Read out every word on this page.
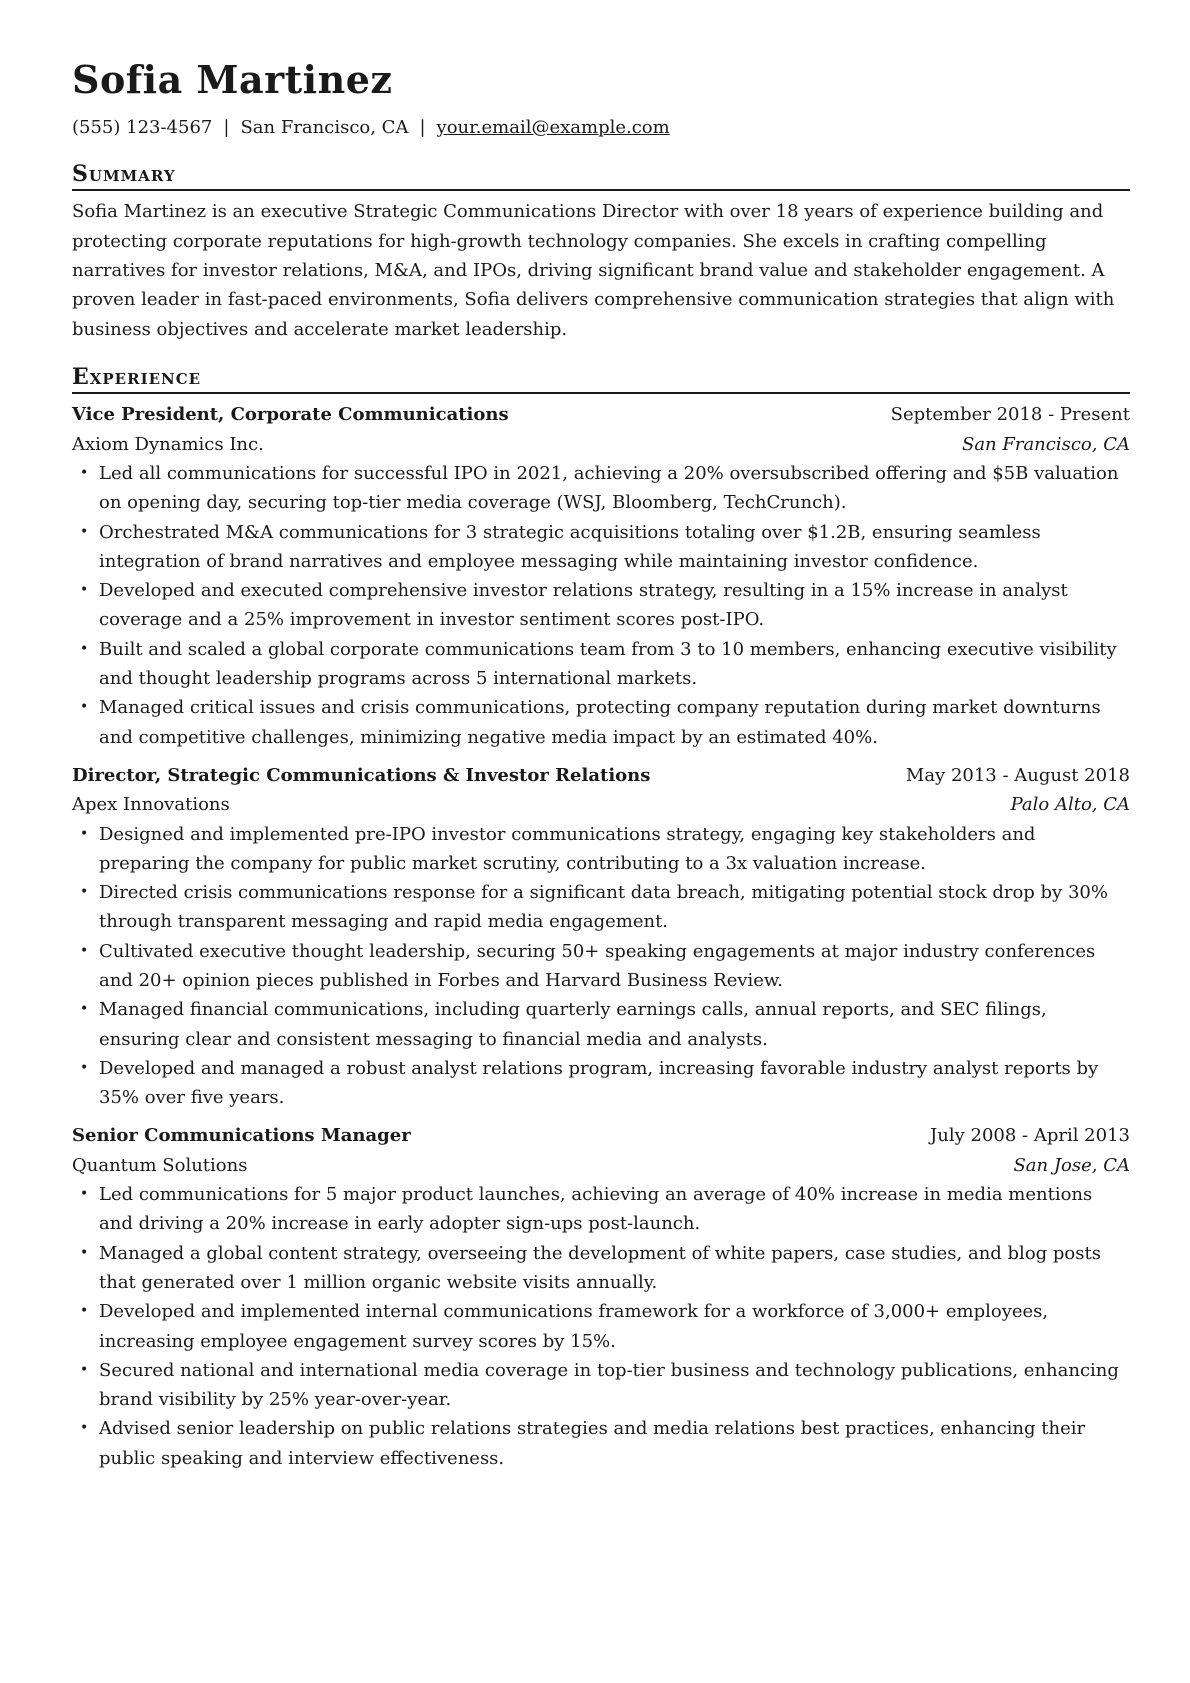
Sofia Martinez
(555) 123-4567 | San Francisco, CA | your.email@example.com
Summary

Sofia Martinez is an executive Strategic Communications Director with over 18 years of experience building and protecting corporate reputations for high-growth technology companies. She excels in crafting compelling narratives for investor relations, M&A, and IPOs, driving significant brand value and stakeholder engagement. A proven leader in fast-paced environments, Sofia delivers comprehensive communication strategies that align with business objectives and accelerate market leadership.

Experience
Vice President, Corporate Communications	September 2018 - Present
Axiom Dynamics Inc.	San Francisco, CA
• Led all communications for successful IPO in 2021, achieving a 20% oversubscribed offering and $5B valuation on opening day, securing top-tier media coverage (WSJ, Bloomberg, TechCrunch).
• Orchestrated M&A communications for 3 strategic acquisitions totaling over $1.2B, ensuring seamless integration of brand narratives and employee messaging while maintaining investor confidence.
• Developed and executed comprehensive investor relations strategy, resulting in a 15% increase in analyst coverage and a 25% improvement in investor sentiment scores post-IPO.
• Built and scaled a global corporate communications team from 3 to 10 members, enhancing executive visibility and thought leadership programs across 5 international markets.
• Managed critical issues and crisis communications, protecting company reputation during market downturns and competitive challenges, minimizing negative media impact by an estimated 40%.
Director, Strategic Communications & Investor Relations	May 2013 - August 2018
Apex Innovations	Palo Alto, CA
• Designed and implemented pre-IPO investor communications strategy, engaging key stakeholders and preparing the company for public market scrutiny, contributing to a 3x valuation increase.
• Directed crisis communications response for a significant data breach, mitigating potential stock drop by 30% through transparent messaging and rapid media engagement.
• Cultivated executive thought leadership, securing 50+ speaking engagements at major industry conferences and 20+ opinion pieces published in Forbes and Harvard Business Review.
• Managed financial communications, including quarterly earnings calls, annual reports, and SEC filings, ensuring clear and consistent messaging to financial media and analysts.
• Developed and managed a robust analyst relations program, increasing favorable industry analyst reports by 35% over five years.
Senior Communications Manager	July 2008 - April 2013
Quantum Solutions	San Jose, CA
• Led communications for 5 major product launches, achieving an average of 40% increase in media mentions and driving a 20% increase in early adopter sign-ups post-launch.
• Managed a global content strategy, overseeing the development of white papers, case studies, and blog posts that generated over 1 million organic website visits annually.
• Developed and implemented internal communications framework for a workforce of 3,000+ employees, increasing employee engagement survey scores by 15%.
• Secured national and international media coverage in top-tier business and technology publications, enhancing brand visibility by 25% year-over-year.
• Advised senior leadership on public relations strategies and media relations best practices, enhancing their public speaking and interview effectiveness.
